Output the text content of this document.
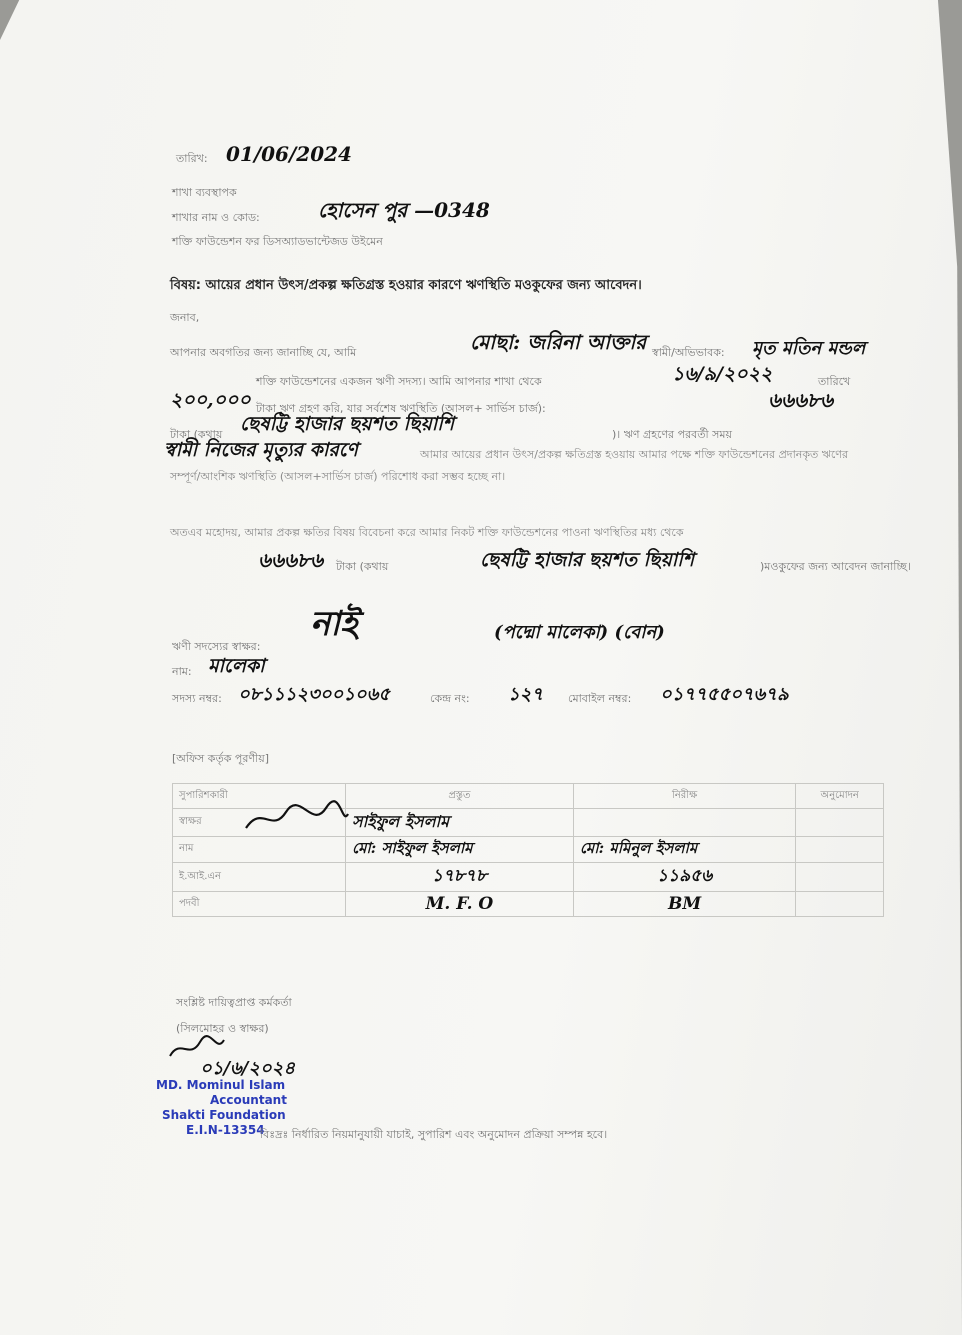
তারিখ: 01/06/2024
শাখা ব্যবস্থাপক
শাখার নাম ও কোড:	হোসেন পুর —0348
শক্তি ফাউন্ডেশন ফর ডিসঅ্যাডভান্টেজড উইমেন
বিষয়: আয়ের প্রধান উৎস/প্রকল্প ক্ষতিগ্রস্ত হওয়ার কারণে ঋণস্থিতি মওকুফের জন্য আবেদন।
জনাব,
আপনার অবগতির জন্য জানাচ্ছি যে, আমি	মোছা: জরিনা আক্তার স্বামী/অভিভাবক: মৃত মতিন মন্ডল
শক্তি ফাউন্ডেশনের একজন ঋণী সদস্য। আমি আপনার শাখা থেকে	১৬/৯/২০২২	তারিখে
২০০,০০০ টাকা ঋণ গ্রহণ করি, যার সর্বশেষ ঋণস্থিতি (আসল+ সার্ভিস চার্জ):	৬৬৬৮৬
টাকা (কথায় ছেষট্টি হাজার ছয়শত ছিয়াশি	)। ঋণ গ্রহণের পরবর্তী সময়
স্বামী নিজের মৃত্যুর কারণে	আমার আয়ের প্রধান উৎস/প্রকল্প ক্ষতিগ্রস্ত হওয়ায় আমার পক্ষে শক্তি ফাউন্ডেশনের প্রদানকৃত ঋণের সম্পূর্ণ/আংশিক ঋণস্থিতি (আসল+সার্ভিস চার্জ) পরিশোধ করা সম্ভব হচ্ছে না।
অতএব মহোদয়, আমার প্রকল্প ক্ষতির বিষয় বিবেচনা করে আমার নিকট শক্তি ফাউন্ডেশনের পাওনা ঋণস্থিতির মধ্য থেকে
৬৬৬৮৬ টাকা (কথায়	ছেষট্টি হাজার ছয়শত ছিয়াশি	)মওকুফের জন্য আবেদন জানাচ্ছি।
ঋণী সদস্যের স্বাক্ষর:
নাই	(পদ্মো মালেকা) (বোন)
নাম: মালেকা
সদস্য নম্বর: ০৮১১১২৩০০১০৬৫	কেন্দ্র নং: ১২৭ মোবাইল নম্বর: ০১৭৭৫৫০৭৬৭৯
[অফিস কর্তৃক পূরণীয়]
সুপারিশকারী	প্রস্তুত	নিরীক্ষ	অনুমোদন
স্বাক্ষর	সাইফুল ইসলাম		
নাম	মো: সাইফুল ইসলাম	মো: মমিনুল ইসলাম	
ই.আই.এন	১৭৮৭৮	১১৯৫৬	
পদবী	M. F. O	BM	
সংশ্লিষ্ট দায়িত্বপ্রাপ্ত কর্মকর্তা
(সিলমোহর ও স্বাক্ষর)
০১/৬/২০২৪
MD. Mominul Islam
Accountant
Shakti Foundation
E.I.N-13354
বিঃদ্রঃ নির্ধারিত নিয়মানুযায়ী যাচাই, সুপারিশ এবং অনুমোদন প্রক্রিয়া সম্পন্ন হবে।
